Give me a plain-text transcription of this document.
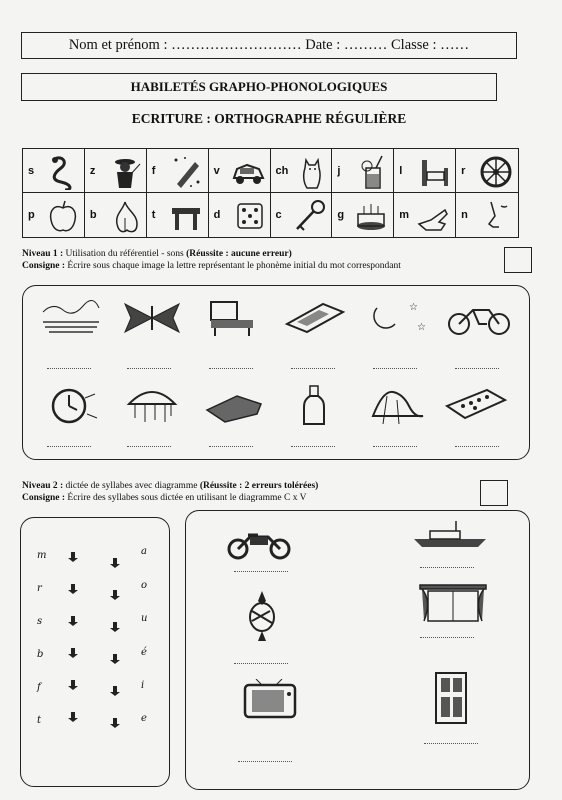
Nom et prénom : ……………………… Date : ……… Classe : ……
HABILETÉS GRAPHO-PHONOLOGIQUES
ECRITURE : ORTHOGRAPHE RÉGULIÈRE
s	z	f	v	ch	j	l	r
p	b	t	d	c	g	m	n
Niveau 1 : Utilisation du référentiel - sons (Réussite : aucune erreur)
Consigne : Écrire sous chaque image la lettre représentant le phonème initial du mot correspondant
☆
☆
Niveau 2 : dictée de syllabes avec diagramme (Réussite : 2 erreurs tolérées)
Consigne : Écrire des syllabes sous dictée en utilisant le diagramme C x V
m
r
s
b
f
t
a
o
u
é
i
e
